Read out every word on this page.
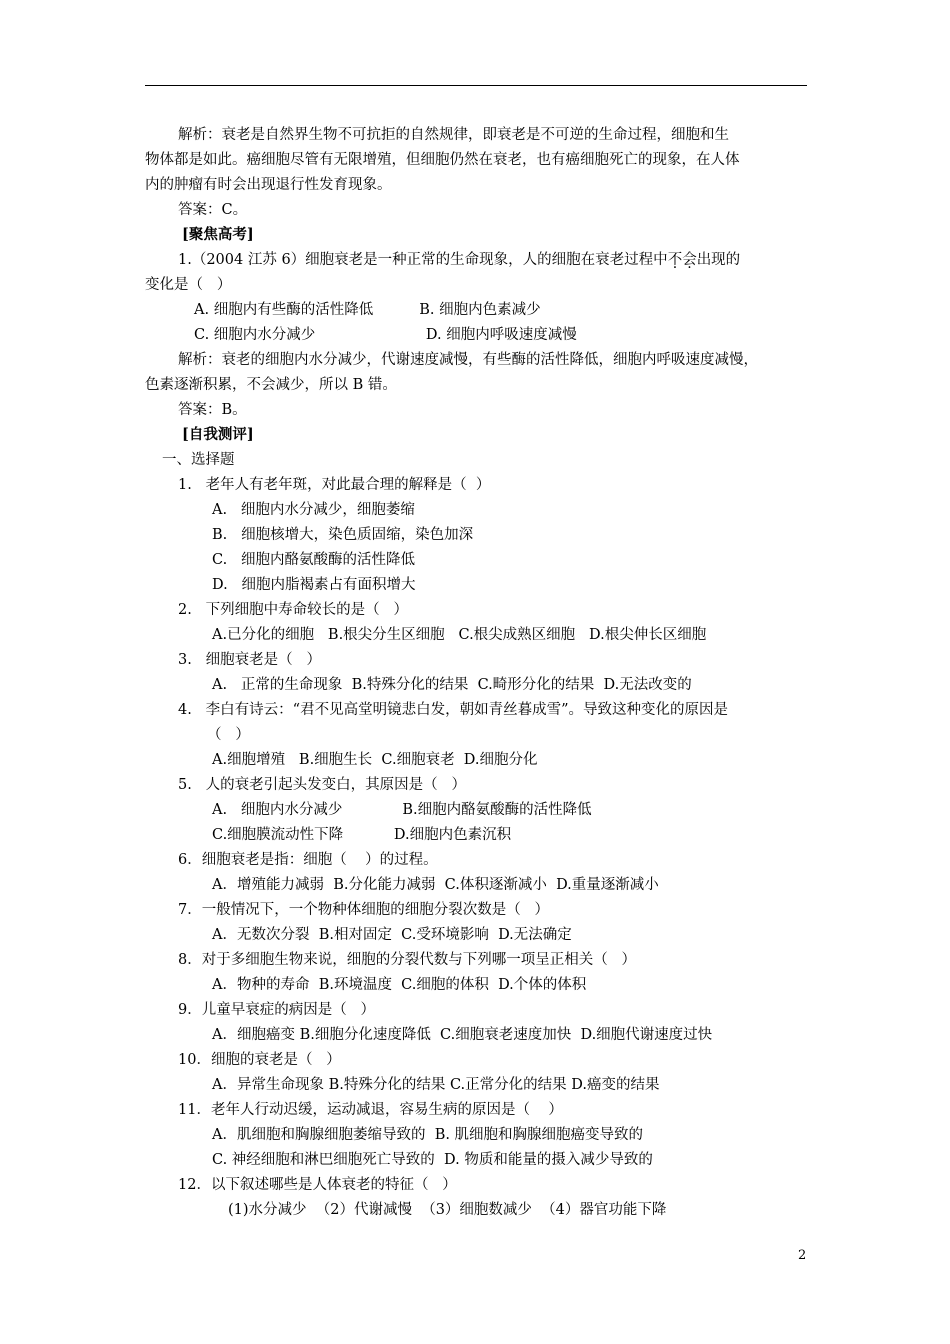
解析：衰老是自然界生物不可抗拒的自然规律，即衰老是不可逆的生命过程，细胞和生
物体都是如此。癌细胞尽管有无限增殖，但细胞仍然在衰老，也有癌细胞死亡的现象，在人体
内的肿瘤有时会出现退行性发育现象。
答案：C。
[聚焦高考]
1.（2004 江苏 6）细胞衰老是一种正常的生命现象，人的细胞在衰老过程中不会出现的
变化是（   ）
A. 细胞内有些酶的活性降低          B. 细胞内色素减少
C. 细胞内水分减少                        D. 细胞内呼吸速度减慢
解析：衰老的细胞内水分减少，代谢速度减慢，有些酶的活性降低，细胞内呼吸速度减慢，
色素逐渐积累，不会减少，所以 B 错。
答案：B。
[自我测评]
一、选择题
1.   老年人有老年斑，对此最合理的解释是（  ）
A.   细胞内水分减少，细胞萎缩
B.   细胞核增大，染色质固缩，染色加深
C.   细胞内酪氨酸酶的活性降低
D.   细胞内脂褐素占有面积增大
2.   下列细胞中寿命较长的是（   ）
A.已分化的细胞   B.根尖分生区细胞   C.根尖成熟区细胞   D.根尖伸长区细胞
3.   细胞衰老是（   ）
A.   正常的生命现象  B.特殊分化的结果  C.畸形分化的结果  D.无法改变的
4.   李白有诗云：“君不见高堂明镜悲白发，朝如青丝暮成雪”。导致这种变化的原因是
（   ）
A.细胞增殖   B.细胞生长  C.细胞衰老  D.细胞分化
5.   人的衰老引起头发变白，其原因是（   ）
A.   细胞内水分减少             B.细胞内酪氨酸酶的活性降低
C.细胞膜流动性下降           D.细胞内色素沉积
6．细胞衰老是指：细胞（    ）的过程。
A．增殖能力减弱  B.分化能力减弱  C.体积逐渐减小  D.重量逐渐减小
7．一般情况下，一个物种体细胞的细胞分裂次数是（   ）
A．无数次分裂  B.相对固定  C.受环境影响  D.无法确定
8．对于多细胞生物来说，细胞的分裂代数与下列哪一项呈正相关（   ）
A．物种的寿命  B.环境温度  C.细胞的体积  D.个体的体积
9．儿童早衰症的病因是（   ）
A．细胞癌变 B.细胞分化速度降低  C.细胞衰老速度加快  D.细胞代谢速度过快
10．细胞的衰老是（   ）
A．异常生命现象 B.特殊分化的结果 C.正常分化的结果 D.癌变的结果
11．老年人行动迟缓，运动减退，容易生病的原因是（    ）
A．肌细胞和胸腺细胞萎缩导致的  B. 肌细胞和胸腺细胞癌变导致的
C. 神经细胞和淋巴细胞死亡导致的  D. 物质和能量的摄入减少导致的
12．以下叙述哪些是人体衰老的特征（   ）
(1)水分减少  （2）代谢减慢  （3）细胞数减少  （4）器官功能下降
2
